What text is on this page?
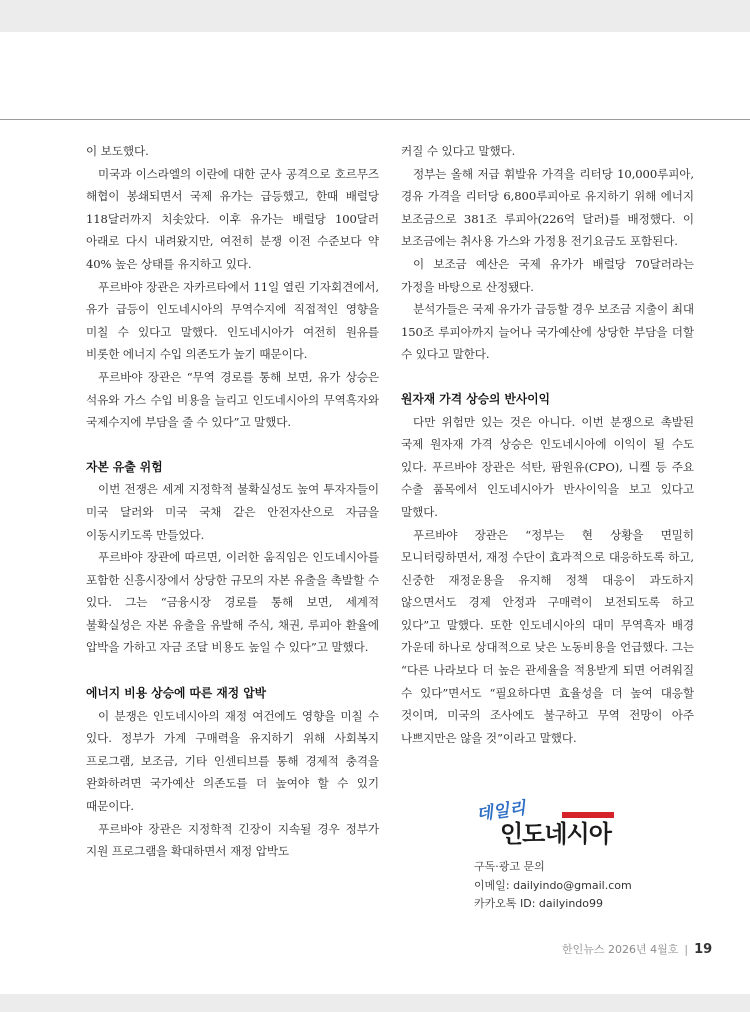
이 보도했다.

미국과 이스라엘의 이란에 대한 군사 공격으로 호르무즈 해협이 봉쇄되면서 국제 유가는 급등했고, 한때 배럴당 118달러까지 치솟았다. 이후 유가는 배럴당 100달러 아래로 다시 내려왔지만, 여전히 분쟁 이전 수준보다 약 40% 높은 상태를 유지하고 있다.

푸르바야 장관은 자카르타에서 11일 열린 기자회견에서, 유가 급등이 인도네시아의 무역수지에 직접적인 영향을 미칠 수 있다고 말했다. 인도네시아가 여전히 원유를 비롯한 에너지 수입 의존도가 높기 때문이다.

푸르바야 장관은 “무역 경로를 통해 보면, 유가 상승은 석유와 가스 수입 비용을 늘리고 인도네시아의 무역흑자와 국제수지에 부담을 줄 수 있다”고 말했다.

자본 유출 위험

이번 전쟁은 세계 지정학적 불확실성도 높여 투자자들이 미국 달러와 미국 국채 같은 안전자산으로 자금을 이동시키도록 만들었다.

푸르바야 장관에 따르면, 이러한 움직임은 인도네시아를 포함한 신흥시장에서 상당한 규모의 자본 유출을 촉발할 수 있다. 그는 “금융시장 경로를 통해 보면, 세계적 불확실성은 자본 유출을 유발해 주식, 채권, 루피아 환율에 압박을 가하고 자금 조달 비용도 높일 수 있다”고 말했다.

에너지 비용 상승에 따른 재정 압박

이 분쟁은 인도네시아의 재정 여건에도 영향을 미칠 수 있다. 정부가 가계 구매력을 유지하기 위해 사회복지 프로그램, 보조금, 기타 인센티브를 통해 경제적 충격을 완화하려면 국가예산 의존도를 더 높여야 할 수 있기 때문이다.

푸르바야 장관은 지정학적 긴장이 지속될 경우 정부가 지원 프로그램을 확대하면서 재정 압박도

커질 수 있다고 말했다.

정부는 올해 저급 휘발유 가격을 리터당 10,000루피아, 경유 가격을 리터당 6,800루피아로 유지하기 위해 에너지 보조금으로 381조 루피아(226억 달러)를 배정했다. 이 보조금에는 취사용 가스와 가정용 전기요금도 포함된다.

이 보조금 예산은 국제 유가가 배럴당 70달러라는 가정을 바탕으로 산정됐다.

분석가들은 국제 유가가 급등할 경우 보조금 지출이 최대 150조 루피아까지 늘어나 국가예산에 상당한 부담을 더할 수 있다고 말한다.

원자재 가격 상승의 반사이익

다만 위험만 있는 것은 아니다. 이번 분쟁으로 촉발된 국제 원자재 가격 상승은 인도네시아에 이익이 될 수도 있다. 푸르바야 장관은 석탄, 팜원유(CPO), 니켈 등 주요 수출 품목에서 인도네시아가 반사이익을 보고 있다고 말했다.

푸르바야 장관은 “정부는 현 상황을 면밀히 모니터링하면서, 재정 수단이 효과적으로 대응하도록 하고, 신중한 재정운용을 유지해 정책 대응이 과도하지 않으면서도 경제 안정과 구매력이 보전되도록 하고 있다”고 말했다. 또한 인도네시아의 대미 무역흑자 배경 가운데 하나로 상대적으로 낮은 노동비용을 언급했다. 그는 “다른 나라보다 더 높은 관세율을 적용받게 되면 어려워질 수 있다”면서도 “필요하다면 효율성을 더 높여 대응할 것이며, 미국의 조사에도 불구하고 무역 전망이 아주 나쁘지만은 않을 것”이라고 말했다.

데일리
인도네시아
구독·광고 문의
이메일: dailyindo@gmail.com
카카오톡 ID: dailyindo99
한인뉴스 2026년 4월호 | 19
